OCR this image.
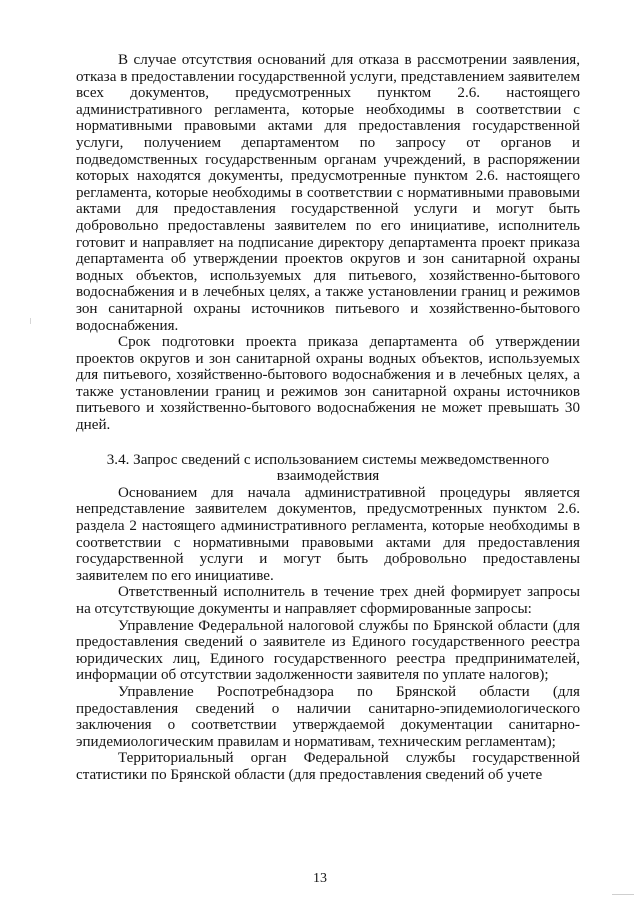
В случае отсутствия оснований для отказа в рассмотрении заявления, отказа в предоставлении государственной услуги, представлением заявителем всех документов, предусмотренных пунктом 2.6. настоящего административного регламента, которые необходимы в соответствии с нормативными правовыми актами для предоставления государственной услуги, получением департаментом по запросу от органов и подведомственных государственным органам учреждений, в распоряжении которых находятся документы, предусмотренные пунктом 2.6. настоящего регламента, которые необходимы в соответствии с нормативными правовыми актами для предоставления государственной услуги и могут быть добровольно предоставлены заявителем по его инициативе, исполнитель готовит и направляет на подписание директору департамента проект приказа департамента об утверждении проектов округов и зон санитарной охраны водных объектов, используемых для питьевого, хозяйственно-бытового водоснабжения и в лечебных целях, а также установлении границ и режимов зон санитарной охраны источников питьевого и хозяйственно-бытового водоснабжения.

Срок подготовки проекта приказа департамента об утверждении проектов округов и зон санитарной охраны водных объектов, используемых для питьевого, хозяйственно-бытового водоснабжения и в лечебных целях, а также установлении границ и режимов зон санитарной охраны источников питьевого и хозяйственно-бытового водоснабжения не может превышать 30 дней.

3.4. Запрос сведений с использованием системы межведомственного взаимодействия

Основанием для начала административной процедуры является непредставление заявителем документов, предусмотренных пунктом 2.6. раздела 2 настоящего административного регламента, которые необходимы в соответствии с нормативными правовыми актами для предоставления государственной услуги и могут быть добровольно предоставлены заявителем по его инициативе.

Ответственный исполнитель в течение трех дней формирует запросы на отсутствующие документы и направляет сформированные запросы:

Управление Федеральной налоговой службы по Брянской области (для предоставления сведений о заявителе из Единого государственного реестра юридических лиц, Единого государственного реестра предпринимателей, информации об отсутствии задолженности заявителя по уплате налогов);

Управление Роспотребнадзора по Брянской области (для предоставления сведений о наличии санитарно-эпидемиологического заключения о соответствии утверждаемой документации санитарно-эпидемиологическим правилам и нормативам, техническим регламентам);

Территориальный орган Федеральной службы государственной статистики по Брянской области (для предоставления сведений об учете

13
